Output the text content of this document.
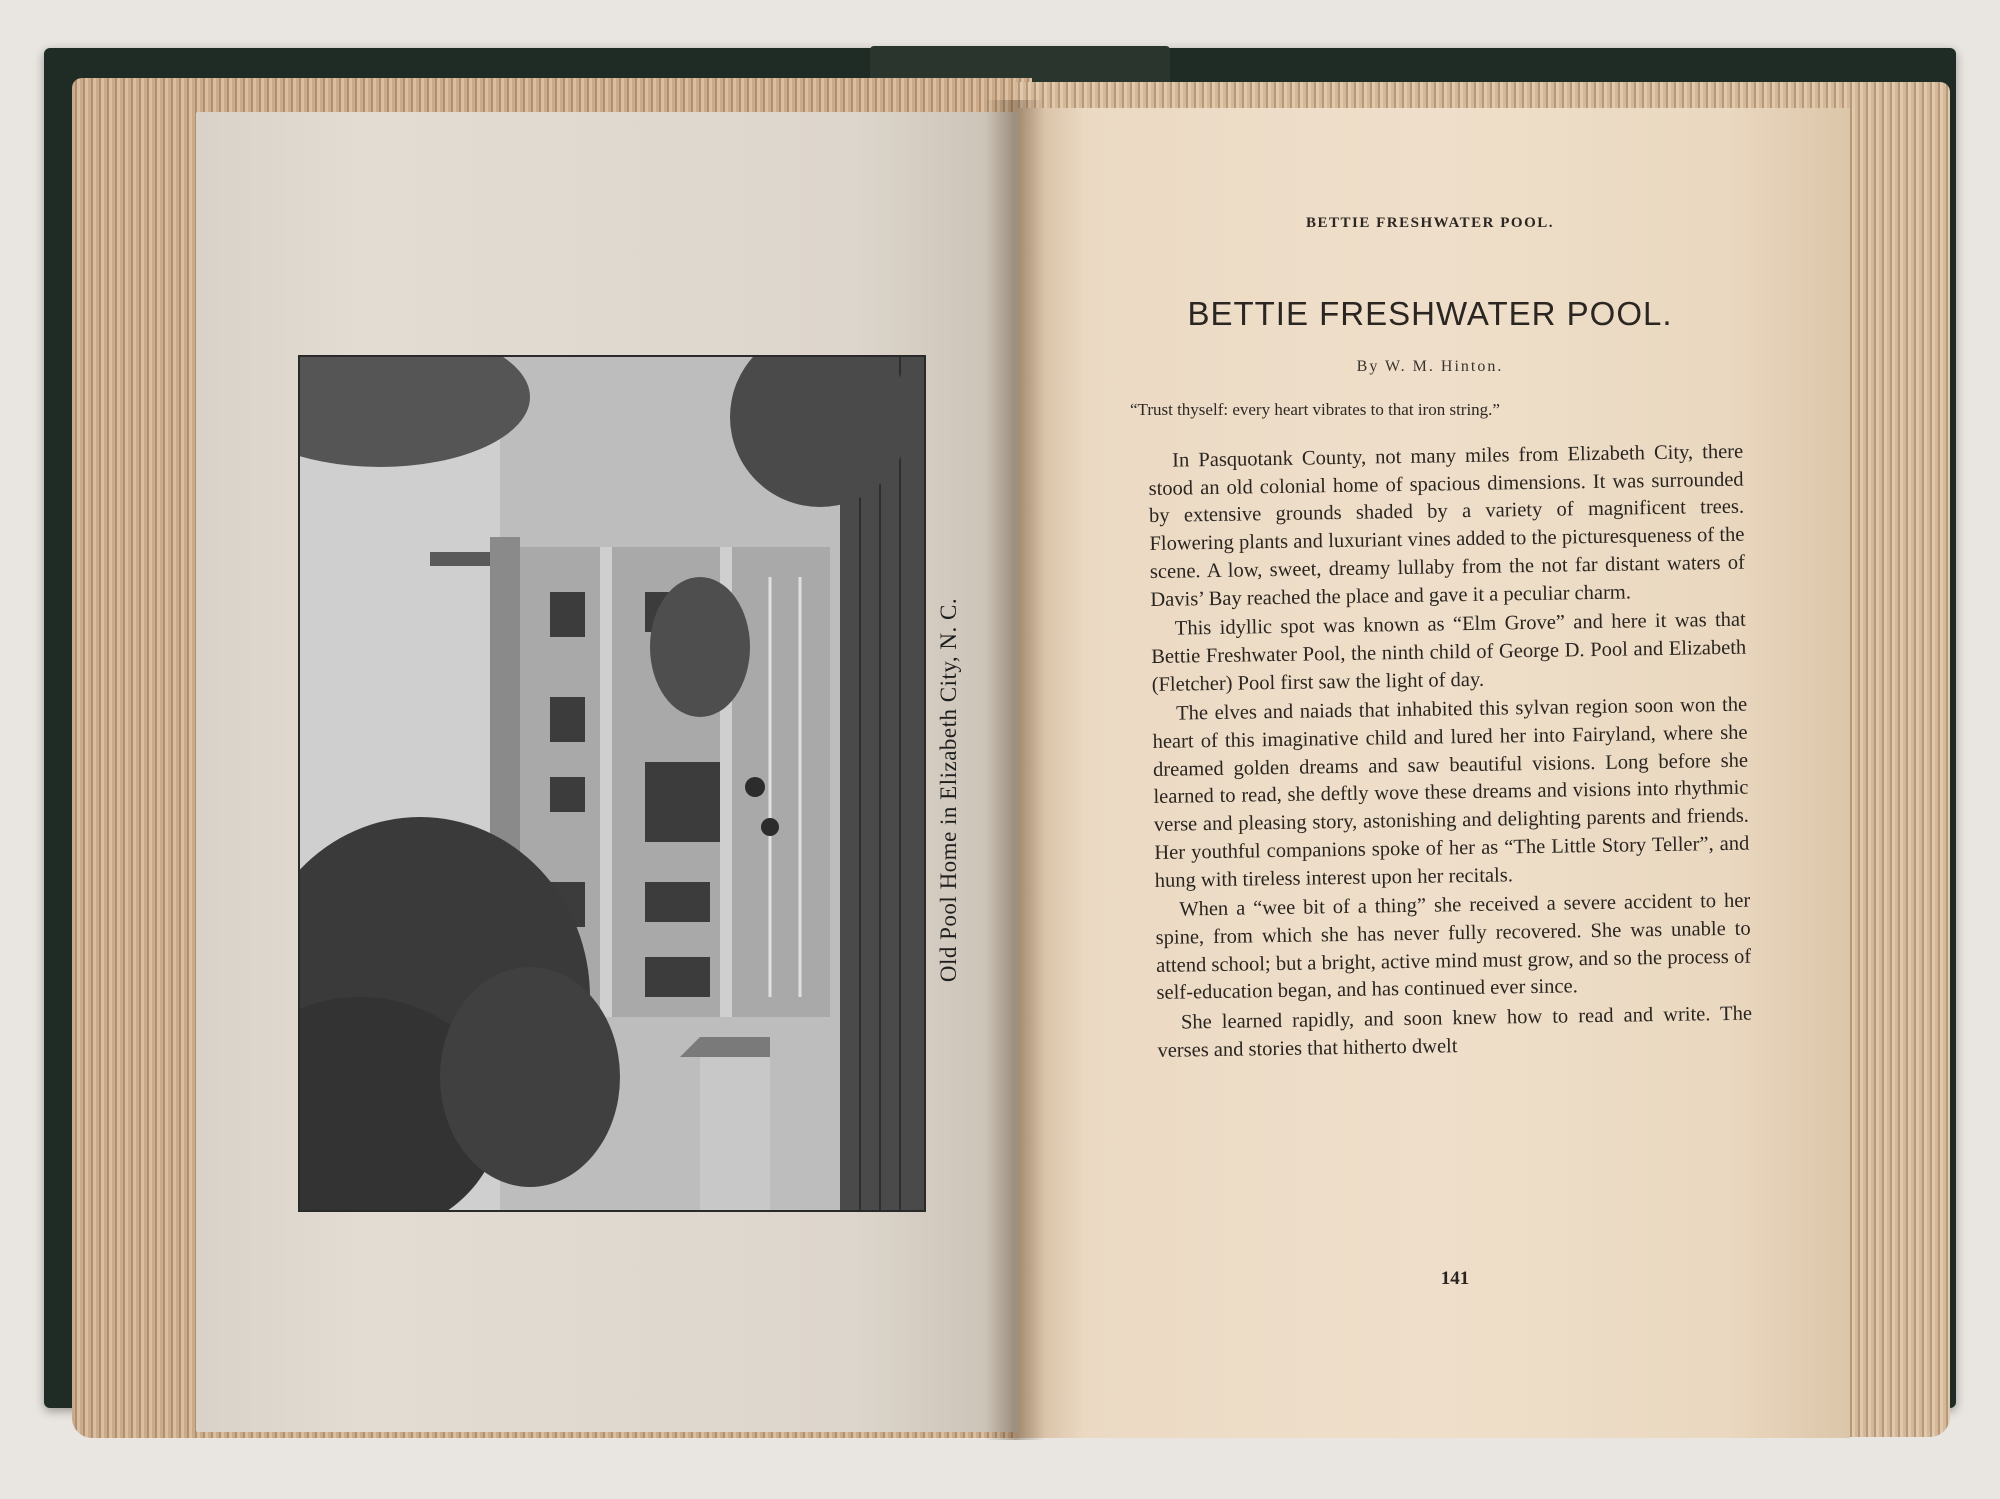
Old Pool Home in Elizabeth City, N. C.
BETTIE FRESHWATER POOL.
BETTIE FRESHWATER POOL.
By W. M. Hinton.
“Trust thyself: every heart vibrates to that iron string.”

In Pasquotank County, not many miles from Elizabeth City, there stood an old colonial home of spacious dimensions. It was surrounded by extensive grounds shaded by a variety of magnificent trees. Flowering plants and luxuriant vines added to the picturesqueness of the scene. A low, sweet, dreamy lullaby from the not far distant waters of Davis’ Bay reached the place and gave it a peculiar charm.

This idyllic spot was known as “Elm Grove” and here it was that Bettie Freshwater Pool, the ninth child of George D. Pool and Elizabeth (Fletcher) Pool first saw the light of day.

The elves and naiads that inhabited this sylvan region soon won the heart of this imaginative child and lured her into Fairyland, where she dreamed golden dreams and saw beautiful visions. Long before she learned to read, she deftly wove these dreams and visions into rhythmic verse and pleasing story, astonishing and delighting parents and friends. Her youthful companions spoke of her as “The Little Story Teller”, and hung with tireless interest upon her recitals.

When a “wee bit of a thing” she received a severe accident to her spine, from which she has never fully recovered. She was unable to attend school; but a bright, active mind must grow, and so the process of self-education began, and has continued ever since.

She learned rapidly, and soon knew how to read and write. The verses and stories that hitherto dwelt

141
